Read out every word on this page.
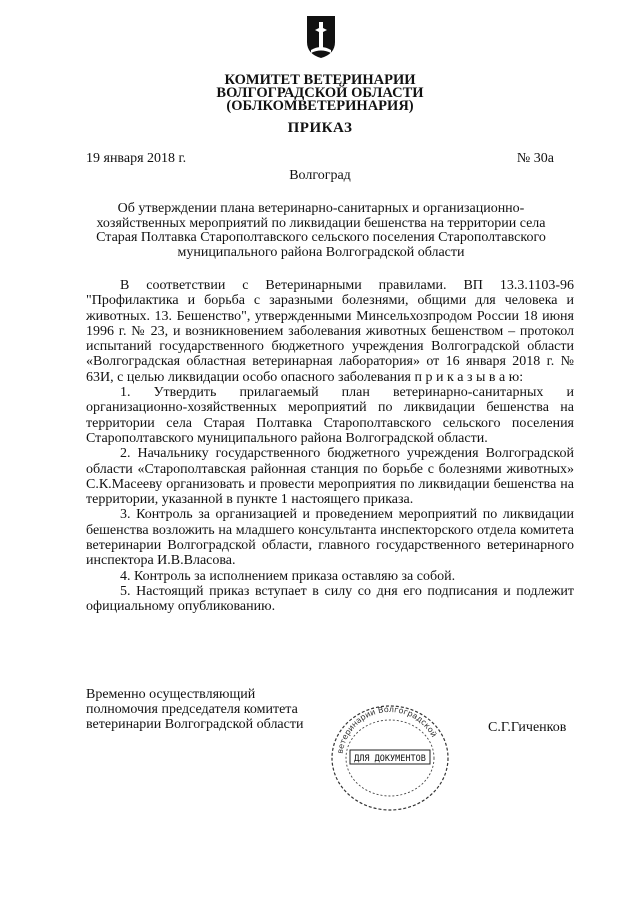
КОМИТЕТ ВЕТЕРИНАРИИ
ВОЛГОГРАДСКОЙ ОБЛАСТИ
(ОБЛКОМВЕТЕРИНАРИЯ)
ПРИКАЗ
19 января 2018 г.	№ 30а
Волгоград
Об утверждении плана ветеринарно-санитарных и организационно-хозяйственных мероприятий по ликвидации бешенства на территории села Старая Полтавка Старополтавского сельского поселения Старополтавского муниципального района Волгоградской области

В соответствии с Ветеринарными правилами. ВП 13.3.1103-96 "Профилактика и борьба с заразными болезнями, общими для человека и животных. 13. Бешенство", утвержденными Минсельхозпродом России 18 июня 1996 г. № 23, и возникновением заболевания животных бешенством – протокол испытаний государственного бюджетного учреждения Волгоградской области «Волгоградская областная ветеринарная лаборатория» от 16 января 2018 г. № 63И, с целью ликвидации особо опасного заболевания п р и к а з ы в а ю:

1. Утвердить прилагаемый план ветеринарно-санитарных и организационно-хозяйственных мероприятий по ликвидации бешенства на территории села Старая Полтавка Старополтавского сельского поселения Старополтавского муниципального района Волгоградской области.

2. Начальнику государственного бюджетного учреждения Волгоградской области «Старополтавская районная станция по борьбе с болезнями животных» С.К.Масееву организовать и провести мероприятия по ликвидации бешенства на территории, указанной в пункте 1 настоящего приказа.

3. Контроль за организацией и проведением мероприятий по ликвидации бешенства возложить на младшего консультанта инспекторского отдела комитета ветеринарии Волгоградской области, главного государственного ветеринарного инспектора И.В.Власова.

4. Контроль за исполнением приказа оставляю за собой.

5. Настоящий приказ вступает в силу со дня его подписания и подлежит официальному опубликованию.

Временно осуществляющий
полномочия председателя комитета
ветеринарии Волгоградской области
ветеринарии Волгоградской
ДЛЯ ДОКУМЕНТОВ
С.Г.Гиченков
